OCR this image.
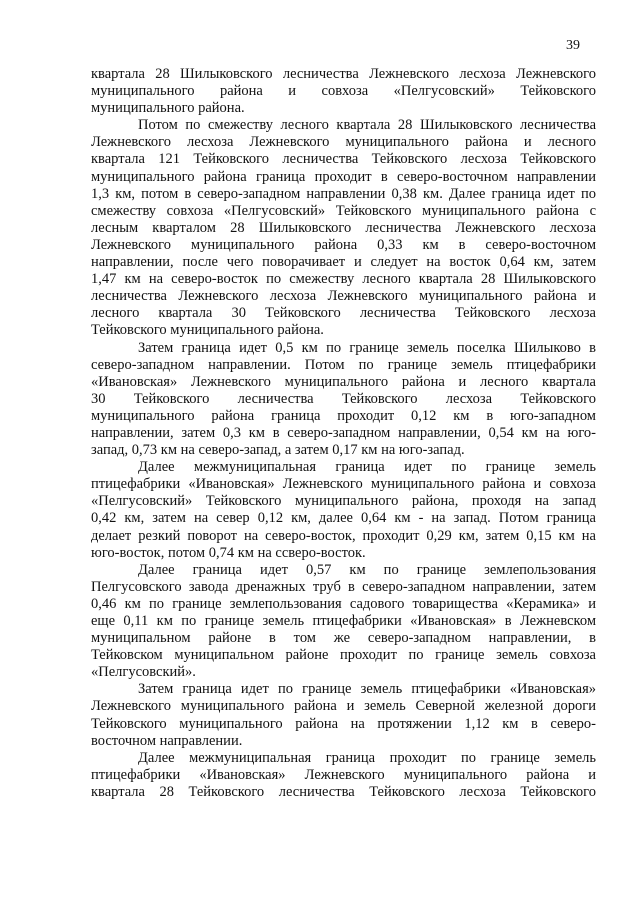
39
квартала 28 Шилыковского лесничества Лежневского лесхоза Лежневского
муниципального района и совхоза «Пелгусовский» Тейковского
муниципального района.
Потом по смежеству лесного квартала 28 Шилыковского лесничества
Лежневского лесхоза Лежневского муниципального района и лесного
квартала 121 Тейковского лесничества Тейковского лесхоза Тейковского
муниципального района граница проходит в северо-восточном направлении
1,3 км, потом в северо-западном направлении 0,38 км. Далее граница идет по
смежеству совхоза «Пелгусовский» Тейковского муниципального района с
лесным кварталом 28 Шилыковского лесничества Лежневского лесхоза
Лежневского муниципального района 0,33 км в северо-восточном
направлении, после чего поворачивает и следует на восток 0,64 км, затем
1,47 км на северо-восток по смежеству лесного квартала 28 Шилыковского
лесничества Лежневского лесхоза Лежневского муниципального района и
лесного квартала 30 Тейковского лесничества Тейковского лесхоза
Тейковского муниципального района.
Затем граница идет 0,5 км по границе земель поселка Шилыково в
северо-западном направлении. Потом по границе земель птицефабрики
«Ивановская» Лежневского муниципального района и лесного квартала
30 Тейковского лесничества Тейковского лесхоза Тейковского
муниципального района граница проходит 0,12 км в юго-западном
направлении, затем 0,3 км в северо-западном направлении, 0,54 км на юго-
запад, 0,73 км на северо-запад, а затем 0,17 км на юго-запад.
Далее межмуниципальная граница идет по границе земель
птицефабрики «Ивановская» Лежневского муниципального района и совхоза
«Пелгусовский» Тейковского муниципального района, проходя на запад
0,42 км, затем на север 0,12 км, далее 0,64 км - на запад. Потом граница
делает резкий поворот на северо-восток, проходит 0,29 км, затем 0,15 км на
юго-восток, потом 0,74 км на ссверо-восток.
Далее граница идет 0,57 км по границе землепользования
Пелгусовского завода дренажных труб в северо-западном направлении, затем
0,46 км по границе землепользования садового товарищества «Керамика» и
еще 0,11 км по границе земель птицефабрики «Ивановская» в Лежневском
муниципальном районе в том же северо-западном направлении, в
Тейковском муниципальном районе проходит по границе земель совхоза
«Пелгусовский».
Затем граница идет по границе земель птицефабрики «Ивановская»
Лежневского муниципального района и земель Северной железной дороги
Тейковского муниципального района на протяжении 1,12 км в северо-
восточном направлении.
Далее межмуниципальная граница проходит по границе земель
птицефабрики «Ивановская» Лежневского муниципального района и
квартала 28 Тейковского лесничества Тейковского лесхоза Тейковского
